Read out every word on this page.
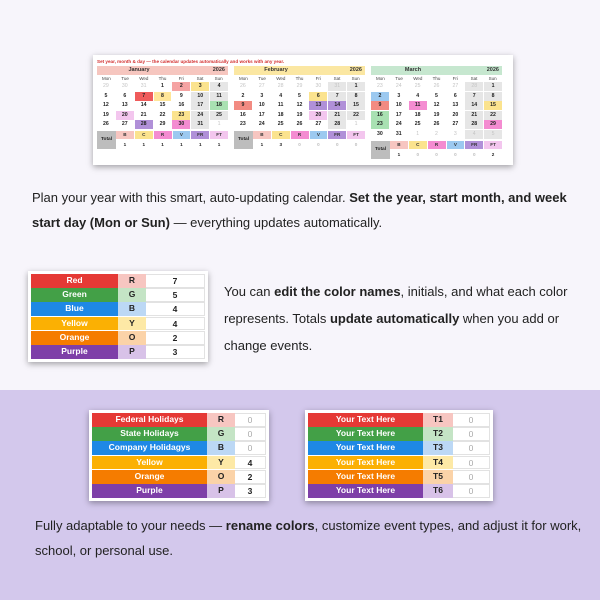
Set year, month & day — the calendar updates automatically and works with any year.
January	2026
Mon	Tue	Wed	Thu	Fri	Sat	Sun
29	30	31	1	2	3	4
5	6	7	8	9	10	11
12	13	14	15	16	17	18
19	20	21	22	23	24	25
26	27	28	29	30	31	1
Total
B	C	R	V	FR	FT
1	1	1	1	1	1
February	2026
Mon	Tue	Wed	Thu	Fri	Sat	Sun
26	27	28	29	30	31	1
2	3	4	5	6	7	8
9	10	11	12	13	14	15
16	17	18	19	20	21	22
23	24	25	26	27	28	1
Total
B	C	R	V	FR	FT
1	3	0	0	0	0
March	2026
Mon	Tue	Wed	Thu	Fri	Sat	Sun
23	24	25	26	27	28	1
2	3	4	5	6	7	8
9	10	11	12	13	14	15
16	17	18	19	20	21	22
23	24	25	26	27	28	29
30	31	1	2	3	4	5
Total
B	C	R	V	FR	FT
1	0	0	0	0	2
Plan your year with this smart, auto-updating calendar. Set the year, start month, and week start day (Mon or Sun) — everything updates automatically.
Red	R	7
Green	G	5
Blue	B	4
Yellow	Y	4
Orange	O	2
Purple	P	3
You can edit the color names, initials, and what each color represents. Totals update automatically when you add or change events.
Federal Holidays	R	0
State Holidays	G	0
Company Holidagys	B	0
Yellow	Y	4
Orange	O	2
Purple	P	3
Your Text Here	T1	0
Your Text Here	T2	0
Your Text Here	T3	0
Your Text Here	T4	0
Your Text Here	T5	0
Your Text Here	T6	0
Fully adaptable to your needs — rename colors, customize event types, and adjust it for work, school, or personal use.
